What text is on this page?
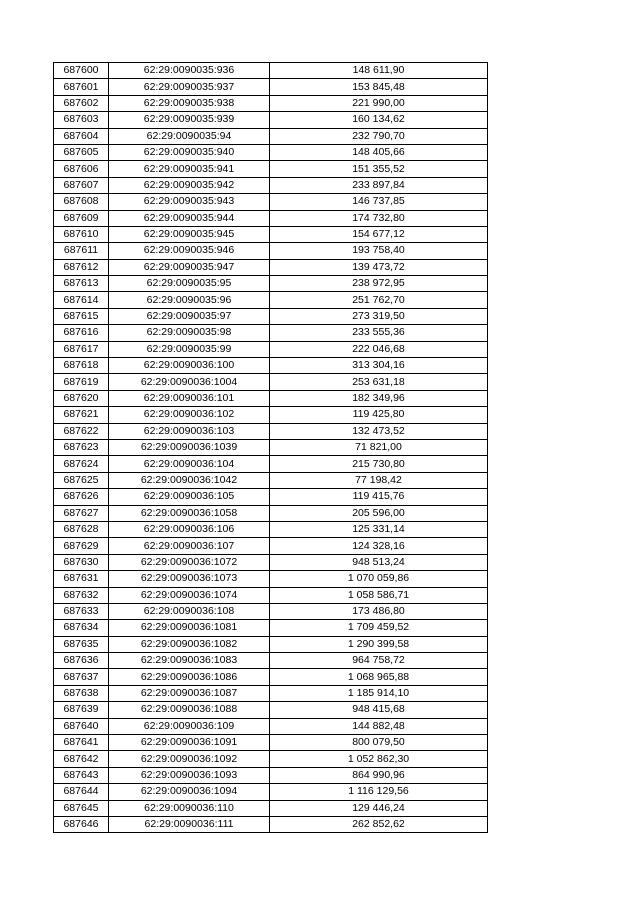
687600	62:29:0090035:936	148 611,90
687601	62:29:0090035:937	153 845,48
687602	62:29:0090035:938	221 990,00
687603	62:29:0090035:939	160 134,62
687604	62:29:0090035:94	232 790,70
687605	62:29:0090035:940	148 405,66
687606	62:29:0090035:941	151 355,52
687607	62:29:0090035:942	233 897,84
687608	62:29:0090035:943	146 737,85
687609	62:29:0090035:944	174 732,80
687610	62:29:0090035:945	154 677,12
687611	62:29:0090035:946	193 758,40
687612	62:29:0090035:947	139 473,72
687613	62:29:0090035:95	238 972,95
687614	62:29:0090035:96	251 762,70
687615	62:29:0090035:97	273 319,50
687616	62:29:0090035:98	233 555,36
687617	62:29:0090035:99	222 046,68
687618	62:29:0090036:100	313 304,16
687619	62:29:0090036:1004	253 631,18
687620	62:29:0090036:101	182 349,96
687621	62:29:0090036:102	119 425,80
687622	62:29:0090036:103	132 473,52
687623	62:29:0090036:1039	71 821,00
687624	62:29:0090036:104	215 730,80
687625	62:29:0090036:1042	77 198,42
687626	62:29:0090036:105	119 415,76
687627	62:29:0090036:1058	205 596,00
687628	62:29:0090036:106	125 331,14
687629	62:29:0090036:107	124 328,16
687630	62:29:0090036:1072	948 513,24
687631	62:29:0090036:1073	1 070 059,86
687632	62:29:0090036:1074	1 058 586,71
687633	62:29:0090036:108	173 486,80
687634	62:29:0090036:1081	1 709 459,52
687635	62:29:0090036:1082	1 290 399,58
687636	62:29:0090036:1083	964 758,72
687637	62:29:0090036:1086	1 068 965,88
687638	62:29:0090036:1087	1 185 914,10
687639	62:29:0090036:1088	948 415,68
687640	62:29:0090036:109	144 882,48
687641	62:29:0090036:1091	800 079,50
687642	62:29:0090036:1092	1 052 862,30
687643	62:29:0090036:1093	864 990,96
687644	62:29:0090036:1094	1 116 129,56
687645	62:29:0090036:110	129 446,24
687646	62:29:0090036:111	262 852,62
